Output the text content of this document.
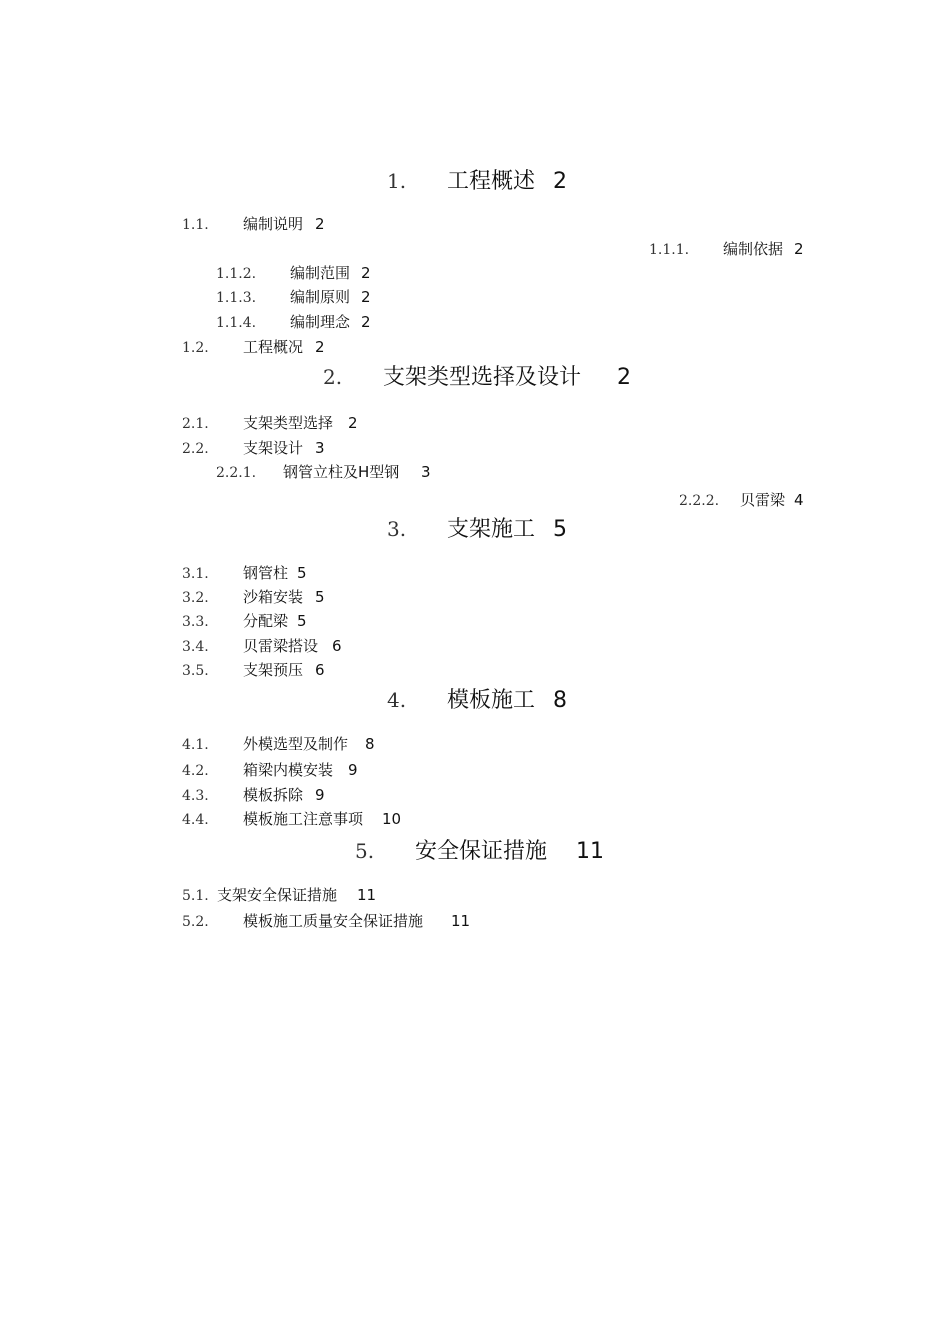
1. 工程概述 2
1.1. 编制说明 2
1.1.1. 编制依据 2
1.1.2. 编制范围 2
1.1.3. 编制原则 2
1.1.4. 编制理念 2
1.2. 工程概况 2
2. 支架类型选择及设计 2
2.1. 支架类型选择 2
2.2. 支架设计 3
2.2.1. 钢管立柱及H型钢 3
2.2.2. 贝雷梁 4
3. 支架施工 5
3.1. 钢管柱 5
3.2. 沙箱安装 5
3.3. 分配梁 5
3.4. 贝雷梁搭设 6
3.5. 支架预压 6
4. 模板施工 8
4.1. 外模选型及制作 8
4.2. 箱梁内模安装 9
4.3. 模板拆除 9
4.4. 模板施工注意事项 10
5. 安全保证措施 11
5.1. 支架安全保证措施 11
5.2. 模板施工质量安全保证措施 11
